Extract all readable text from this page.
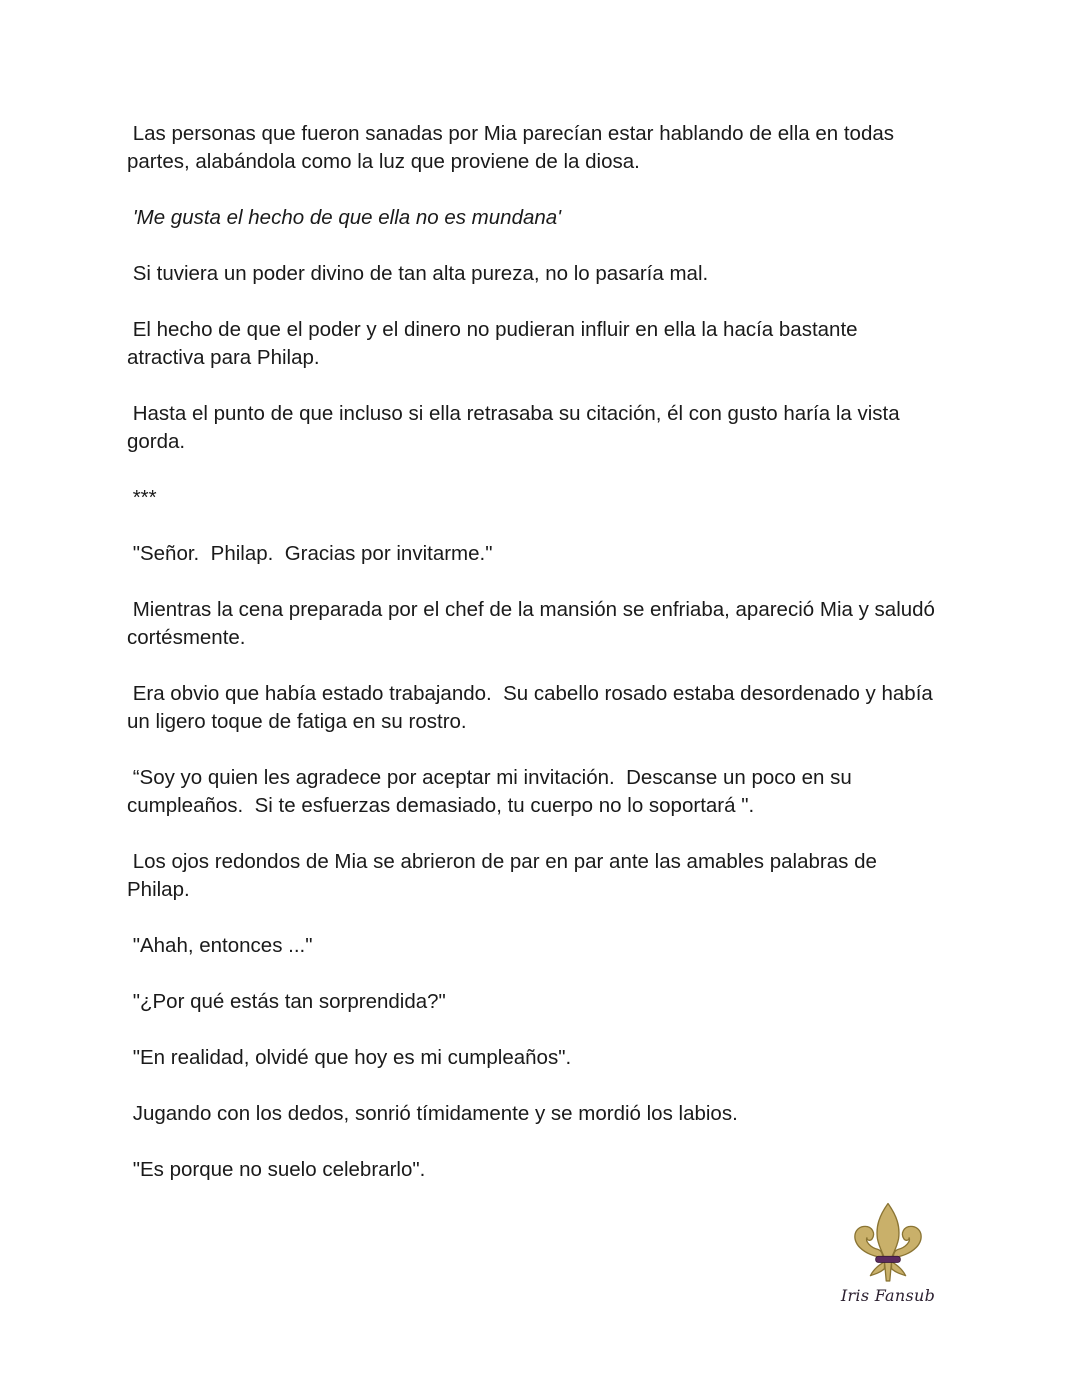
Las personas que fueron sanadas por Mia parecían estar hablando de ella en todas partes, alabándola como la luz que proviene de la diosa.

'Me gusta el hecho de que ella no es mundana'

Si tuviera un poder divino de tan alta pureza, no lo pasaría mal.

El hecho de que el poder y el dinero no pudieran influir en ella la hacía bastante atractiva para Philap.

Hasta el punto de que incluso si ella retrasaba su citación, él con gusto haría la vista gorda.

***

"Señor.  Philap.  Gracias por invitarme."

Mientras la cena preparada por el chef de la mansión se enfriaba, apareció Mia y saludó cortésmente.

Era obvio que había estado trabajando.  Su cabello rosado estaba desordenado y había un ligero toque de fatiga en su rostro.

“Soy yo quien les agradece por aceptar mi invitación.  Descanse un poco en su cumpleaños.  Si te esfuerzas demasiado, tu cuerpo no lo soportará ".

Los ojos redondos de Mia se abrieron de par en par ante las amables palabras de Philap.

"Ahah, entonces ..."

"¿Por qué estás tan sorprendida?"

"En realidad, olvidé que hoy es mi cumpleaños".

Jugando con los dedos, sonrió tímidamente y se mordió los labios.

"Es porque no suelo celebrarlo".

Iris Fansub
